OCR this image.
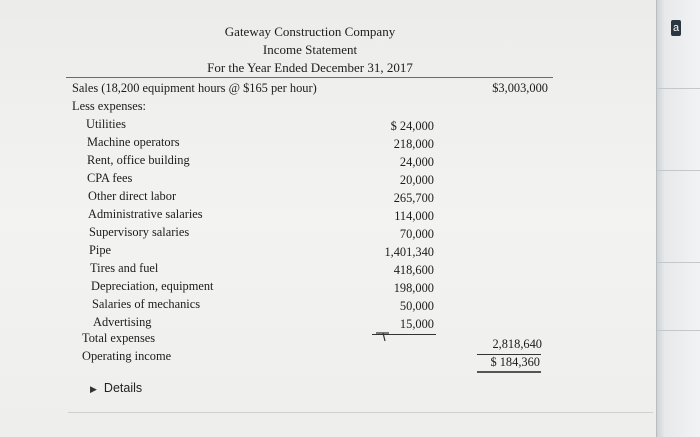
a
Gateway Construction Company
Income Statement
For the Year Ended December 31, 2017
Sales (18,200 equipment hours @ $165 per hour)	$3,003,000
Less expenses:
Utilities	$ 24,000
Machine operators	218,000
Rent, office building	24,000
CPA fees	20,000
Other direct labor	265,700
Administrative salaries	114,000
Supervisory salaries	70,000
Pipe	1,401,340
Tires and fuel	418,600
Depreciation, equipment	198,000
Salaries of mechanics	50,000
Advertising	15,000
Total expenses	2,818,640
Operating income	$ 184,360
▶ Details
